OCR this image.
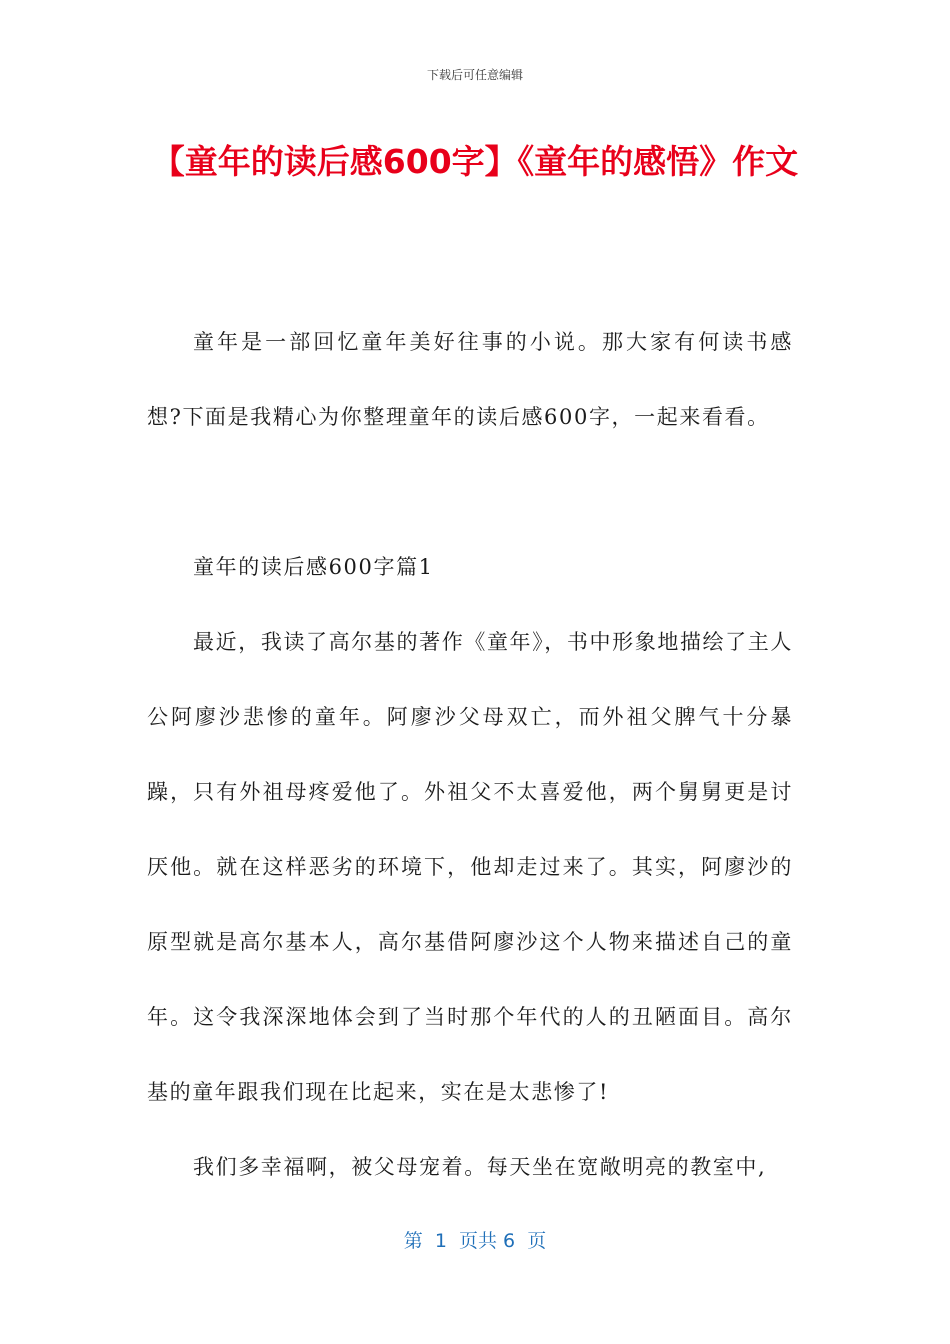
下载后可任意编辑
【童年的读后感600字】《童年的感悟》作文

童年是一部回忆童年美好往事的小说。那大家有何读书感想?下面是我精心为你整理童年的读后感600字，一起来看看。

童年的读后感600字篇1

最近，我读了高尔基的著作《童年》，书中形象地描绘了主人公阿廖沙悲惨的童年。阿廖沙父母双亡，而外祖父脾气十分暴躁，只有外祖母疼爱他了。外祖父不太喜爱他，两个舅舅更是讨厌他。就在这样恶劣的环境下，他却走过来了。其实，阿廖沙的原型就是高尔基本人，高尔基借阿廖沙这个人物来描述自己的童年。这令我深深地体会到了当时那个年代的人的丑陋面目。高尔基的童年跟我们现在比起来，实在是太悲惨了!

我们多幸福啊，被父母宠着。每天坐在宽敞明亮的教室中,

第  1  页共 6  页
